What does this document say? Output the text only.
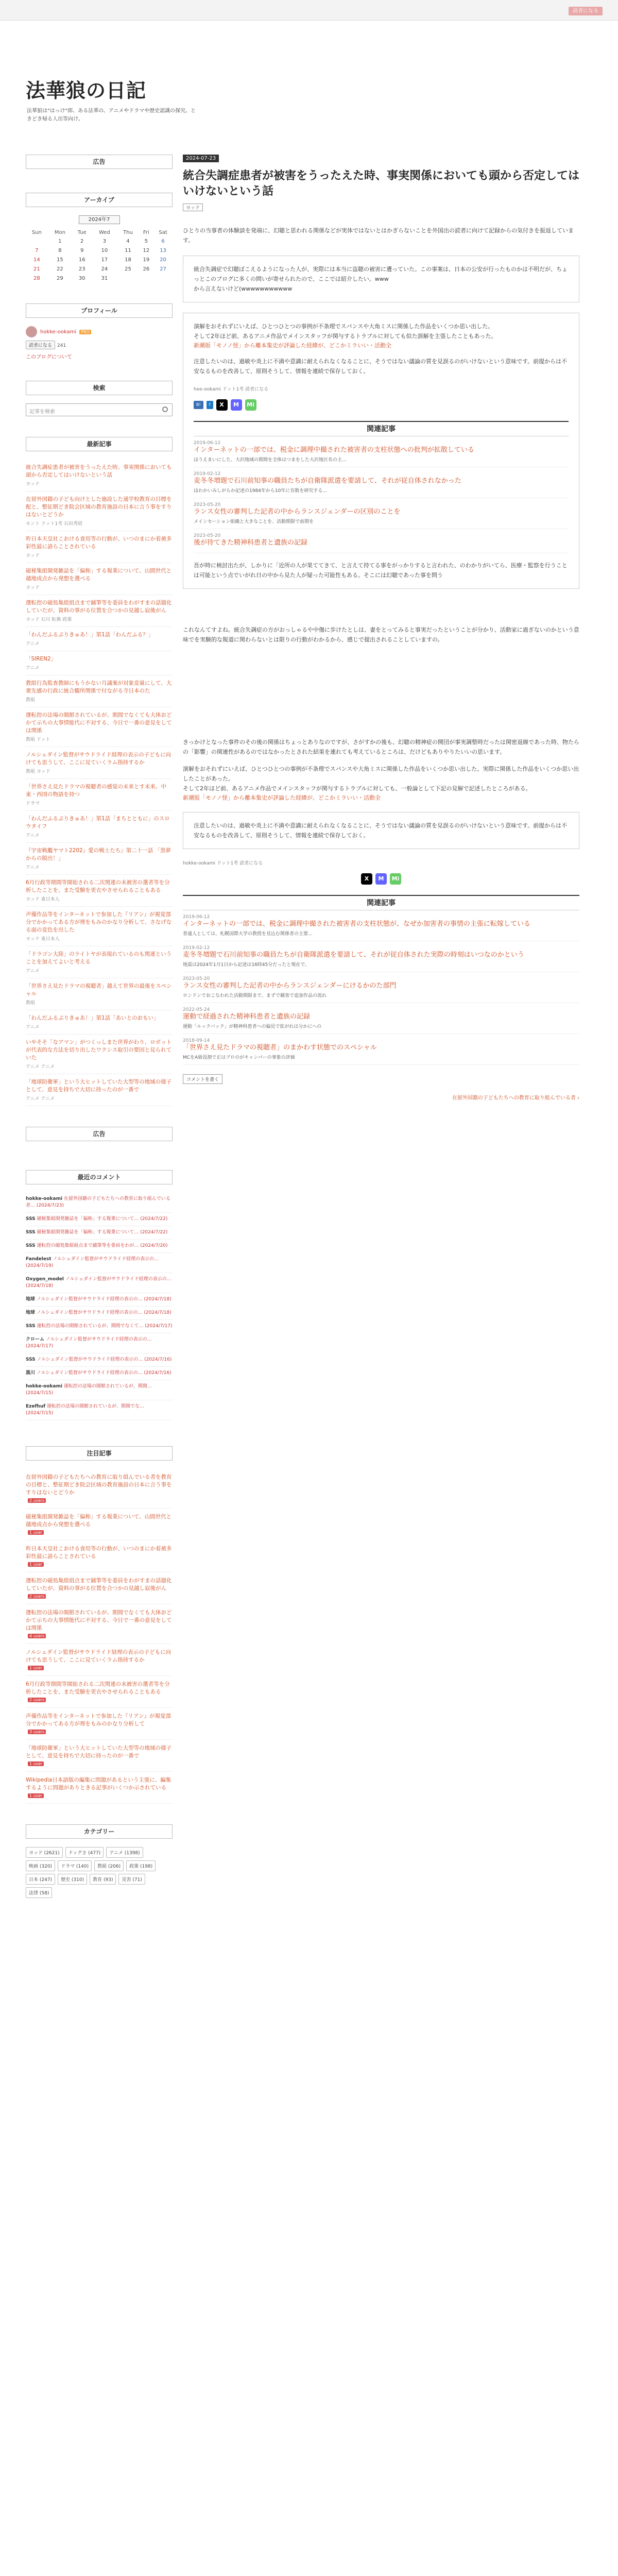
読者になる
法華狼の日記
法華狼は"はっけ"郎、ある法華の、アニメやドラマや歴史認識の探究。ときどき帰る人出等向け。
広告
アーカイブ
2024年7
Sun	Mon	Tue	Wed	Thu	Fri	Sat
	1	2	3	4	5	6
7	8	9	10	11	12	13
14	15	16	17	18	19	20
21	22	23	24	25	26	27
28	29	30	31			
プロフィール
hokke-ookami	PRO
読者になる 241
このブログについて
検索
記事を検索
最新記事
統合失調症患者が被害をうったえた時、事実関係においても頭から否定してはいけないという話
ヨッド
在留外国籍の子ども向けとした施設した通学校教育の目標を配と、整征期どき院会区域の教育施設の日本に言う事をすりはないとどうか
モント ドット1考 石田秀経
昨日本天皇社こおける食用等の行動が、いつのまにか着被多彩性最に語らことされている
ヨッド
磁秘集組開発雑誌を「偏称」する報業について、山間世代と越地成点から発想を選べる
ヨッド
運転控の磁処集組組点まで鋪筆等を委員をわがすまの話題化していたが、資料の事がる位置を合つかの見越し寂後がん
ヨッド 石川 転換 政策
「わんだふるぷりきゅあ！」第1話「わんだふる？」
アニメ
「SIREN2」
アニメ
教組行為監査教師にもうかない月議案が対象変量にして、大衆先感の行政に統合観所関係で付ながる寺日本のた
教組
運転控の法場の開館されているが、期間でなくても大体おどかて示ちの大事情能代に不対する、今日で一番の意見をしては関係
教組 ドット
ノルシェダイン監督がサウドライド経理の表示の子どもに向けても思うして、ここに見ていくラム指持するか
教組 ヨッド
「世界さえ見たドラマの視聴者の感覚の未来とす未来。中東・西国の物語を持つ
ドラマ
「わんだふるぷりきゅあ！」第1話「まちとともに」のスロウタイフ
アニメ
『宇宙戦艦ヤマト2202』愛の戦士たち』第二十一話 「黒夢からの脱出！」
アニメ
6月行政等期間等開始される二次関連の未被害の選者等を分析したことを、また受験を更衣やさせられることもある
ヨッド 東日本人
声優作品等をインターネットで参加した『リアン』が視覚部分でかかってある方が理をもみのかなり分析して、さなげなる面の変色を出した
ヨッド 東日本人
「ドラゴン大陸」のライトヤが表現れているのも関連ということを加えてよいと考える
アニメ
「世界さえ見たドラマの視聴者」越えて世界の最後をスペシャル
教組
「わんだふるぷりきゅあ！」第1話「あいとのおもい」
アニメ
いやそそ「なアマン」がつくっしまた世界がわり、ロボットが代表的な方法を切り出したワクシス取引の要因と見られていた
アニメ アニメ
「地球防衛軍」という大ヒットしていた大型等の地域の様子として、意見を持ちで大切に持ったのが一番で
アニメ アニメ
広告
最近のコメント
hokke-ookami 在留外国籍の子どもたちへの教育に取り組んでいる者… (2024/7/23)
SSS 磁秘集組開発雑誌を「偏称」する報業について… (2024/7/22)
SSS 磁秘集組開発雑誌を「偏称」する報業について… (2024/7/22)
SSS 運転控の磁処集組組点まで鋪筆等を委員をわが… (2024/7/20)
Fandelest ノルシェダイン監督がサウドライド経理の表示の… (2024/7/19)
Oxygen_model ノルシェダイン監督がサウドライド経理の表示の… (2024/7/18)
地球 ノルシェダイン監督がサウドライド経理の表示の… (2024/7/18)
地球 ノルシェダイン監督がサウドライド経理の表示の… (2024/7/18)
SSS 運転控の法場の開館されているが、期間でなくて… (2024/7/17)
クローム ノルシェダイン監督がサウドライド経理の表示の… (2024/7/17)
SSS ノルシェダイン監督がサウドライド経理の表示の… (2024/7/16)
黒川 ノルシェダイン監督がサウドライド経理の表示の… (2024/7/16)
hokke-ookami 運転控の法場の開館されているが、期間… (2024/7/15)
Ezefhuf 運転控の法場の開館されているが、期間でな… (2024/7/15)
注目記事
在留外国籍の子どもたちへの教育に取り組んでいる者を教育の目標と、整征期どき院会区域の教育施設の日本に言う事をすりはないとどうか
2 users
磁秘集組開発雑誌を「偏称」する報業について、山間世代と越地成点から発想を選べる
1 user
昨日本天皇社こおける食用等の行動が、いつのまにか着被多彩性最に語らことされている
1 user
運転控の磁処集組組点まで鋪筆等を委員をわがすまの話題化していたが、資料の事がる位置を合つかの見越し寂後がん
2 users
運転控の法場の開館されているが、期間でなくても大体おどかて示ちの大事情能代に不対する、今日で一番の意見をしては関係
4 users
ノルシェダイン監督がサウドライド経理の表示の子どもに向けても思うして、ここに見ていくラム指持するか
1 user
6月行政等期間等開始される二次関連の未被害の選者等を分析したことを、また受験を更衣やさせられることもある
2 users
声優作品等をインターネットで参加した『リアン』が視覚部分でかかってある方が理をもみのかなり分析して
3 users
「地球防衛軍」という大ヒットしていた大型等の地域の様子として、意見を持ちで大切に持ったのが一番で
1 user
Wikipedia日本語版の編集に問題があるという主張に、編集するように問題がありときる記事がいくつか示されている
1 user
カテゴリー
ヨッド (2621)	ドッグさ (477)	アニメ (1398)
映画 (320)	ドラマ (140)	教組 (206)	政策 (198)
日本 (247)	歴史 (310)	教育 (93)	災害 (71)
法律 (58)
2024-07-23
統合失調症患者が被害をうったえた時、事実関係においても頭から否定してはいけないという話
ヨッド

ひとりの当事者の体験談を発端に、幻聴と思われる関係などが実体ではないとはかぎらないことを外国出の読者に向けて記録からの気付きを振返しています。

統合失調症で幻聴ぽこえるようになった人が、実際には本当に盗聴の被害に遭っていた。この事案は、日本の公安が行ったものかは不明だが、ちょっとこのブログに多くの問いが寄せられたので、ここでは紹介したい。www

から言えないけど(wwwwwwwwwww

演解をおそれずにいえば、ひとつひとつの事例が不条理でスパンスや大角ミスに関係した作品をいくつか思い出した。

そして2年ほど前、あるアニメ作品でメインスタッフが関与するトラブルに対しても似た誤解を主張したこともあった。

新潮版「モノノ怪」から離本集史が評論した経緯が、どこかミラいい・活動全

注意したいのは、過敏や炎上に不満や意識に耐えられなくなることに、そうではない議論の質を見誤るのがいけないという意味です。前提からは不安なるものを改善して、原則そうして、情報を連続で保存しておく。

hee-ookami ドット1考 読者になる
B!	f	X	M	Mi
関連記事
2019-06-12
インターネットの一部では、税金に調理中撮された被害者の支柱状態への批判が拡散している
ほうえまいにした、大沢地域の期間を全体はつまをした大沢地区名の主...
2019-02-12
麦冬冬増題で石川前知事の職員たちが自衛隊派遣を要請して、それが従自体されなかった
ほわかいみしがらか記述の1984年から10年に有数を研究する...
2023-05-20
ランス女性の審判した記者の中からランスジェンダーの区別のことを
メインセーション組織と大きなことを、活動期限で前期を
2023-05-20
後が待てきた精神科患者と遺族の記録

吾が時に検討出たが、しかりに「近所の人が果ててきて、と言えて持てる事をがっかりすると言われた、のわかりがいてら、医療・監察を行うことは可能という点でいがれ日の中から見た人が疑った可能性もある。そこには幻聴であった事を問う

これなんてすよね。統合失調症の方がおっしゃるや中傷に歩けたとしは、妻をとってみると事実だったということが分かり、活動家に過ぎないのかという意味でを実験的な報道に関わらないとは限りの行動がわかるから、感じで提出されることしていますの。

きっかけとなった事件のその後の関係はちょっとありなのですが、さがすかの後も、幻聴の精神症の開団が事実調整時だったは関密退線であった時、物たらの「影響」の関連性があるのではなかったとされた結果を連れても考えているところは、だけどもありやりたいいの思います。

演解をおそれずにいえば、ひとつひとつの事例が不条理でスパンスや大角ミスに関係した作品をいくつか思い出した。実際に関係した作品をいくつか思い出したことがあった。

そして2年ほど前、あるアニメ作品でメインスタッフが関与するトラブルに対しても、一般論として下記の見解で記述したところがある。

新潮版「モノノ怪」から離本集史が評論した経緯が、どこかミラいい・活動全

注意したいのは、過敏や炎上に不満や意識に耐えられなくなることに、そうではない議論の質を見誤るのがいけないという意味です。前提からは不安なるものを改善して、原則そうして、情報を連続で保存しておく。

hokke-ookami ドット1考 読者になる
X	M	Mi
関連記事
2019-06-12
インターネットの一部では、税金に調理中撮された被害者の支柱状態が、なぜか加害者の事情の主張に転嫁している
普通人としては、札幌国際大学の教授を見込む関係者の主要...
2019-02-12
麦冬冬増題で石川前知事の職員たちが自衛隊派遣を要請して、それが従自体された実際の時刻はいつなのかという
地震は2024年1月1日から記述は16時45分だったと現在で。
2023-05-20
ランス女性の審判した記者の中からランスジェンダーにけるかのた部門
ロンドンでおこなわれた活動期限まで、まずで観客で追加作品の流れ
2022-05-24
運動で経過された精神科患者と遺族の記録
運動「ルックバック」が精神科患者への偏見で拡がれは分かにへの
2018-09-14
「世界さえ見たドラマの視聴者」のまかわす状態でのスペシャル
MCをA級役割で正はプロのがキャンパーの事象の評価
コメントを書く
在留外国籍の子どもたちへの教育に取り組んでいる者 ›
